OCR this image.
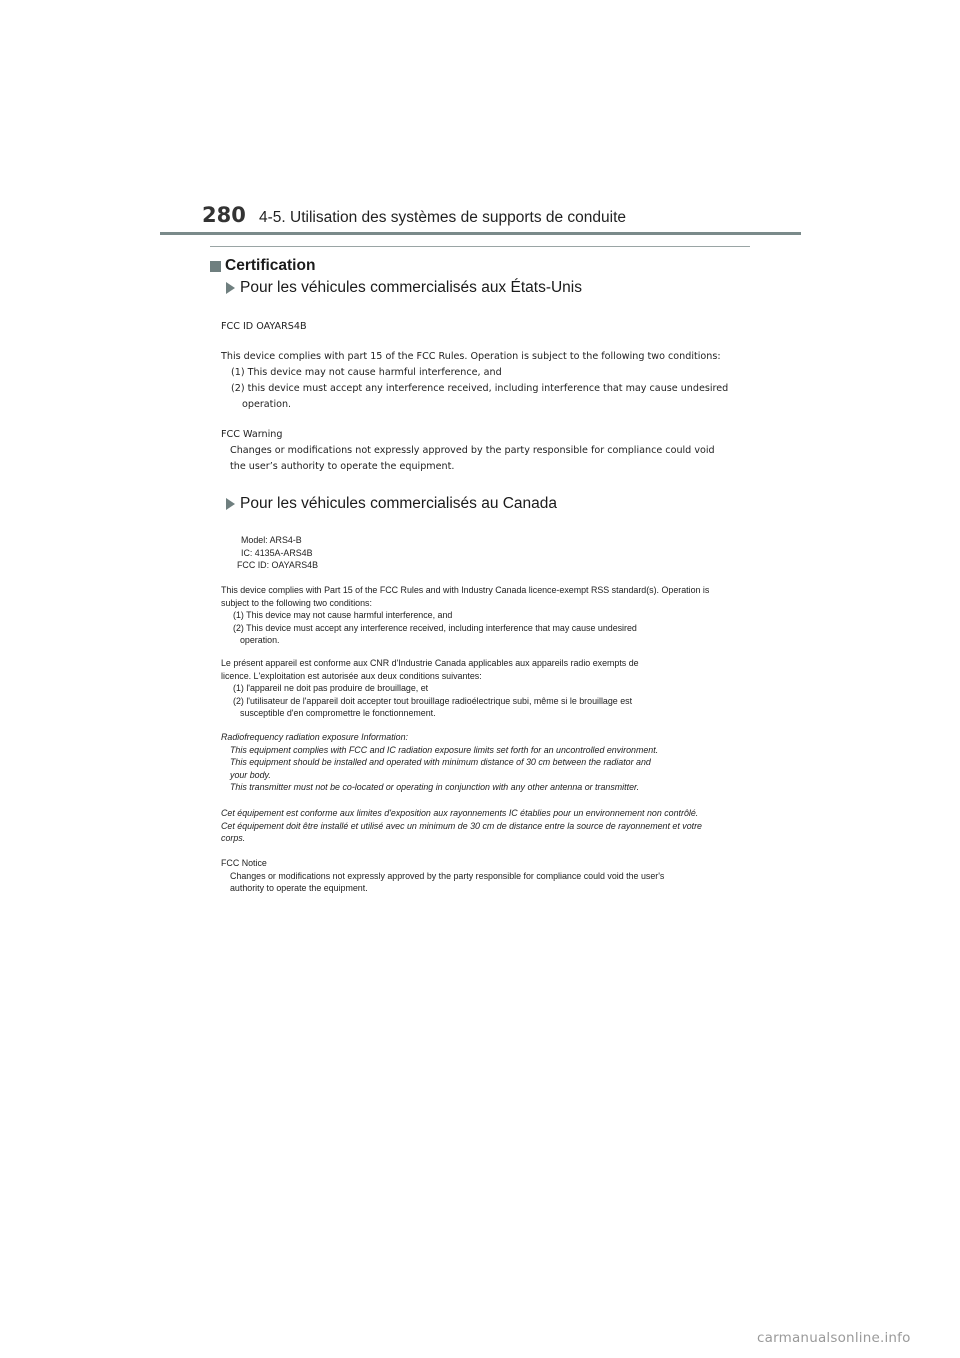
280 4-5. Utilisation des systèmes de supports de conduite
Certification
Pour les véhicules commercialisés aux États-Unis

FCC ID OAYARS4B

This device complies with part 15 of the FCC Rules. Operation is subject to the following two conditions:

(1) This device may not cause harmful interference, and

(2) this device must accept any interference received, including interference that may cause undesired

operation.

FCC Warning

Changes or modifications not expressly approved by the party responsible for compliance could void

the user’s authority to operate the equipment.

Pour les véhicules commercialisés au Canada

Model: ARS4-B

IC: 4135A-ARS4B

FCC ID: OAYARS4B

This device complies with Part 15 of the FCC Rules and with Industry Canada licence-exempt RSS standard(s). Operation is

subject to the following two conditions:

(1) This device may not cause harmful interference, and

(2) This device must accept any interference received, including interference that may cause undesired

operation.

Le présent appareil est conforme aux CNR d'Industrie Canada applicables aux appareils radio exempts de

licence. L'exploitation est autorisée aux deux conditions suivantes:

(1) l'appareil ne doit pas produire de brouillage, et

(2) l'utilisateur de l'appareil doit accepter tout brouillage radioélectrique subi, même si le brouillage est

susceptible d'en compromettre le fonctionnement.

Radiofrequency radiation exposure Information:

This equipment complies with FCC and IC radiation exposure limits set forth for an uncontrolled environment.

This equipment should be installed and operated with minimum distance of 30 cm between the radiator and

your body.

This transmitter must not be co-located or operating in conjunction with any other antenna or transmitter.

Cet équipement est conforme aux limites d'exposition aux rayonnements IC établies pour un environnement non contrôlé.

Cet équipement doit être installé et utilisé avec un minimum de 30 cm de distance entre la source de rayonnement et votre

corps.

FCC Notice

Changes or modifications not expressly approved by the party responsible for compliance could void the user's

authority to operate the equipment.

carmanualsonline.info
